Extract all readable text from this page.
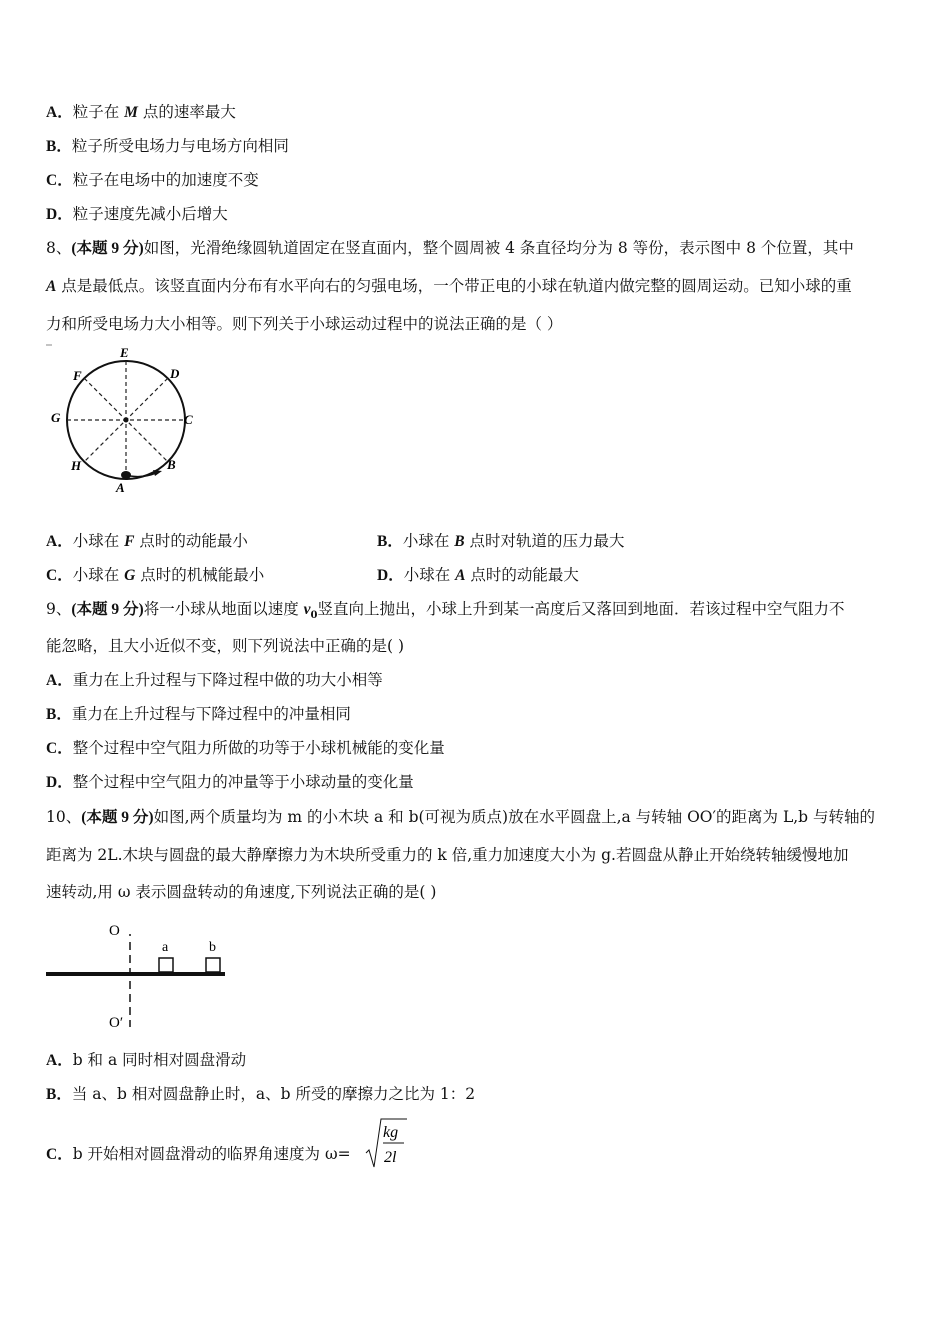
A．粒子在 M 点的速率最大
B．粒子所受电场力与电场方向相同
C．粒子在电场中的加速度不变
D．粒子速度先减小后增大
8、(本题 9 分)如图，光滑绝缘圆轨道固定在竖直面内，整个圆周被 4 条直径均分为 8 等份，表示图中 8 个位置，其中
A 点是最低点。该竖直面内分布有水平向右的匀强电场，一个带正电的小球在轨道内做完整的圆周运动。已知小球的重
力和所受电场力大小相等。则下列关于小球运动过程中的说法正确的是（ ）
E
D
F
C
G
H	B
A
A．小球在 F 点时的动能最小	B．小球在 B 点时对轨道的压力最大
C．小球在 G 点时的机械能最小	D．小球在 A 点时的动能最大
9、(本题 9 分)将一小球从地面以速度 $v_0$竖直向上抛出，小球上升到某一高度后又落回到地面．若该过程中空气阻力不
能忽略，且大小近似不变，则下列说法中正确的是( )
A．重力在上升过程与下降过程中做的功大小相等
B．重力在上升过程与下降过程中的冲量相同
C．整个过程中空气阻力所做的功等于小球机械能的变化量
D．整个过程中空气阻力的冲量等于小球动量的变化量
10、(本题 9 分)如图,两个质量均为 m 的小木块 a 和 b(可视为质点)放在水平圆盘上,a 与转轴 OO′的距离为 L,b 与转轴的
距离为 2L.木块与圆盘的最大静摩擦力为木块所受重力的 k 倍,重力加速度大小为 g.若圆盘从静止开始绕转轴缓慢地加
速转动,用 ω 表示圆盘转动的角速度,下列说法正确的是( )
O
a	b
O′
A．b 和 a 同时相对圆盘滑动
B．当 a、b 相对圆盘静止时，a、b 所受的摩擦力之比为 1：2
C．b 开始相对圆盘滑动的临界角速度为 ω=
kg
2l
